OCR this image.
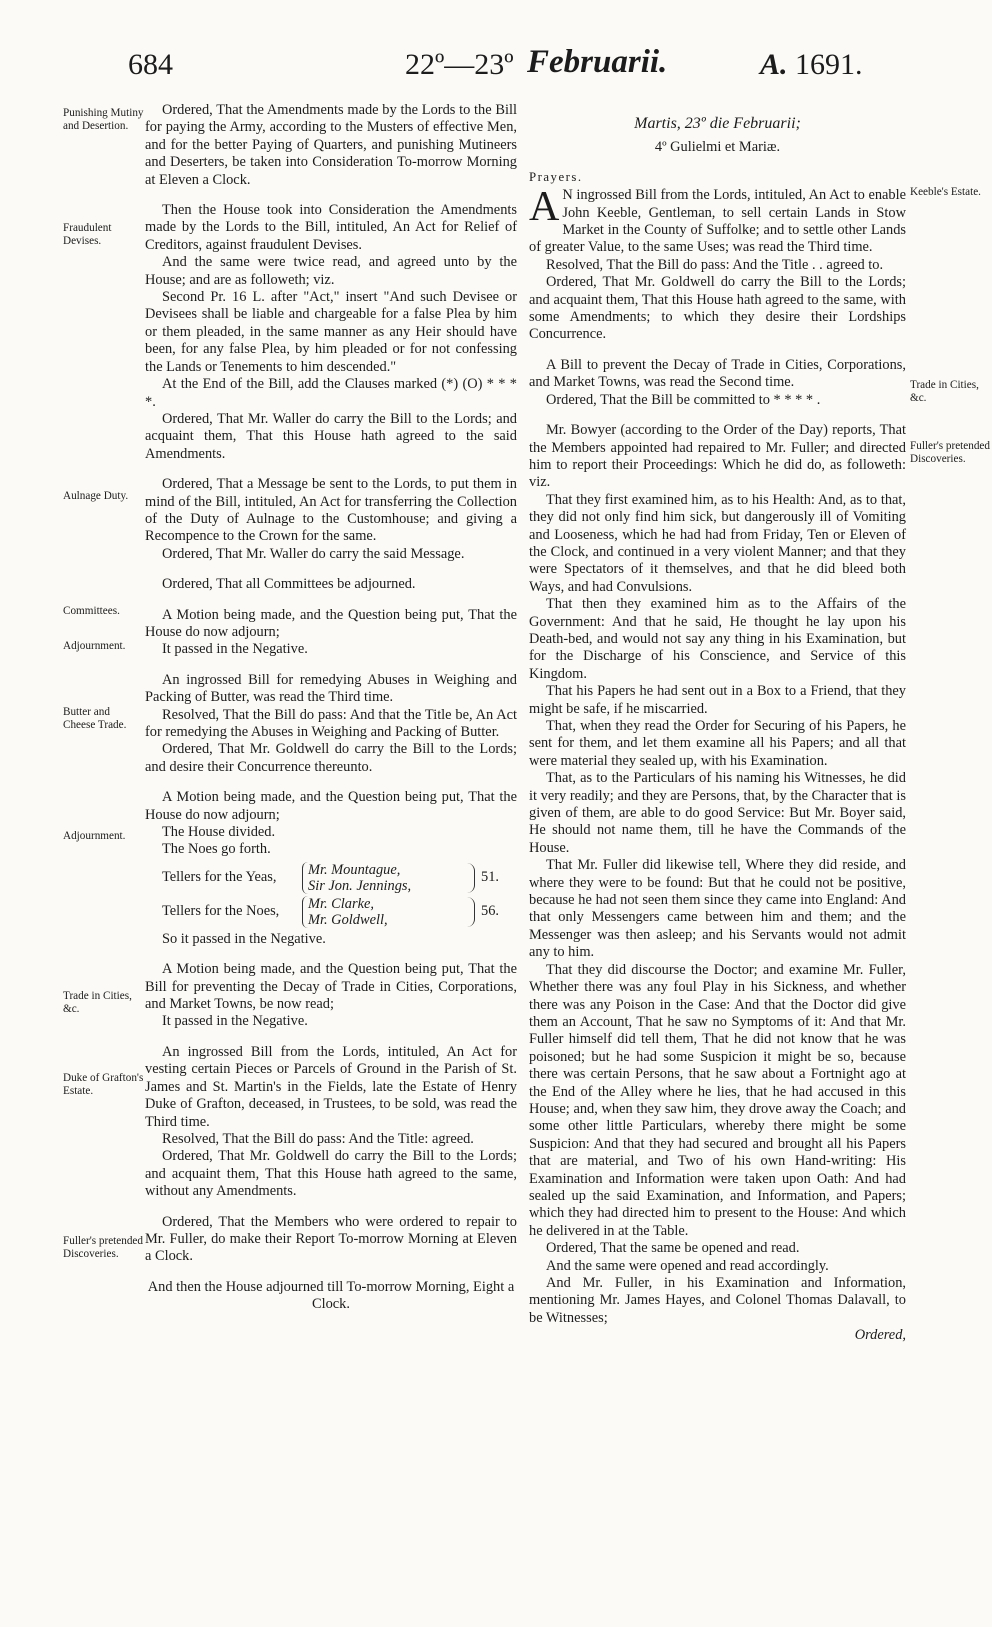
684	22º—23º Februarii.	A. 1691.
Punishing Mutiny and Desertion.
Fraudulent Devises.
Aulnage Duty.
Committees.
Adjournment.
Butter and Cheese Trade.
Adjournment.
Trade in Cities, &c.
Duke of Grafton's Estate.
Fuller's pretended Discoveries.
Keeble's Estate.
Trade in Cities, &c.
Fuller's pretended Discoveries.

Ordered, That the Amendments made by the Lords to the Bill for paying the Army, according to the Musters of effective Men, and for the better Paying of Quarters, and punishing Mutineers and Deserters, be taken into Consideration To-morrow Morning at Eleven a Clock.

Then the House took into Consideration the Amendments made by the Lords to the Bill, intituled, An Act for Relief of Creditors, against fraudulent Devises.

And the same were twice read, and agreed unto by the House; and are as followeth; viz.

Second Pr. 16 L. after "Act," insert "And such Devisee or Devisees shall be liable and chargeable for a false Plea by him or them pleaded, in the same manner as any Heir should have been, for any false Plea, by him pleaded or for not confessing the Lands or Tenements to him descended."

At the End of the Bill, add the Clauses marked (*) (O) * * * *.

Ordered, That Mr. Waller do carry the Bill to the Lords; and acquaint them, That this House hath agreed to the said Amendments.

Ordered, That a Message be sent to the Lords, to put them in mind of the Bill, intituled, An Act for transferring the Collection of the Duty of Aulnage to the Customhouse; and giving a Recompence to the Crown for the same.

Ordered, That Mr. Waller do carry the said Message.

Ordered, That all Committees be adjourned.

A Motion being made, and the Question being put, That the House do now adjourn;

It passed in the Negative.

An ingrossed Bill for remedying Abuses in Weighing and Packing of Butter, was read the Third time.

Resolved, That the Bill do pass: And that the Title be, An Act for remedying the Abuses in Weighing and Packing of Butter.

Ordered, That Mr. Goldwell do carry the Bill to the Lords; and desire their Concurrence thereunto.

A Motion being made, and the Question being put, That the House do now adjourn;

The House divided.

The Noes go forth.

Tellers for the Yeas,	Mr. Mountague,
Sir Jon. Jennings,
51.
Tellers for the Noes,	Mr. Clarke,
Mr. Goldwell,
56.

So it passed in the Negative.

A Motion being made, and the Question being put, That the Bill for preventing the Decay of Trade in Cities, Corporations, and Market Towns, be now read;

It passed in the Negative.

An ingrossed Bill from the Lords, intituled, An Act for vesting certain Pieces or Parcels of Ground in the Parish of St. James and St. Martin's in the Fields, late the Estate of Henry Duke of Grafton, deceased, in Trustees, to be sold, was read the Third time.

Resolved, That the Bill do pass: And the Title: agreed.

Ordered, That Mr. Goldwell do carry the Bill to the Lords; and acquaint them, That this House hath agreed to the same, without any Amendments.

Ordered, That the Members who were ordered to repair to Mr. Fuller, do make their Report To-morrow Morning at Eleven a Clock.

And then the House adjourned till To-morrow Morning, Eight a Clock.

Martis, 23º die Februarii;
4º Gulielmi et Mariæ.
Prayers.

A N ingrossed Bill from the Lords, intituled, An Act to enable John Keeble, Gentleman, to sell certain Lands in Stow Market in the County of Suffolke; and to settle other Lands of greater Value, to the same Uses; was read the Third time.

Resolved, That the Bill do pass: And the Title . . agreed to.

Ordered, That Mr. Goldwell do carry the Bill to the Lords; and acquaint them, That this House hath agreed to the same, with some Amendments; to which they desire their Lordships Concurrence.

A Bill to prevent the Decay of Trade in Cities, Corporations, and Market Towns, was read the Second time.

Ordered, That the Bill be committed to * * * * .

Mr. Bowyer (according to the Order of the Day) reports, That the Members appointed had repaired to Mr. Fuller; and directed him to report their Proceedings: Which he did do, as followeth: viz.

That they first examined him, as to his Health: And, as to that, they did not only find him sick, but dangerously ill of Vomiting and Looseness, which he had had from Friday, Ten or Eleven of the Clock, and continued in a very violent Manner; and that they were Spectators of it themselves, and that he did bleed both Ways, and had Convulsions.

That then they examined him as to the Affairs of the Government: And that he said, He thought he lay upon his Death-bed, and would not say any thing in his Examination, but for the Discharge of his Conscience, and Service of this Kingdom.

That his Papers he had sent out in a Box to a Friend, that they might be safe, if he miscarried.

That, when they read the Order for Securing of his Papers, he sent for them, and let them examine all his Papers; and all that were material they sealed up, with his Examination.

That, as to the Particulars of his naming his Witnesses, he did it very readily; and they are Persons, that, by the Character that is given of them, are able to do good Service: But Mr. Boyer said, He should not name them, till he have the Commands of the House.

That Mr. Fuller did likewise tell, Where they did reside, and where they were to be found: But that he could not be positive, because he had not seen them since they came into England: And that only Messengers came between him and them; and the Messenger was then asleep; and his Servants would not admit any to him.

That they did discourse the Doctor; and examine Mr. Fuller, Whether there was any foul Play in his Sickness, and whether there was any Poison in the Case: And that the Doctor did give them an Account, That he saw no Symptoms of it: And that Mr. Fuller himself did tell them, That he did not know that he was poisoned; but he had some Suspicion it might be so, because there was certain Persons, that he saw about a Fortnight ago at the End of the Alley where he lies, that he had accused in this House; and, when they saw him, they drove away the Coach; and some other little Particulars, whereby there might be some Suspicion: And that they had secured and brought all his Papers that are material, and Two of his own Hand-writing: His Examination and Information were taken upon Oath: And had sealed up the said Examination, and Information, and Papers; which they had directed him to present to the House: And which he delivered in at the Table.

Ordered, That the same be opened and read.

And the same were opened and read accordingly.

And Mr. Fuller, in his Examination and Information, mentioning Mr. James Hayes, and Colonel Thomas Dalavall, to be Witnesses;

Ordered,
